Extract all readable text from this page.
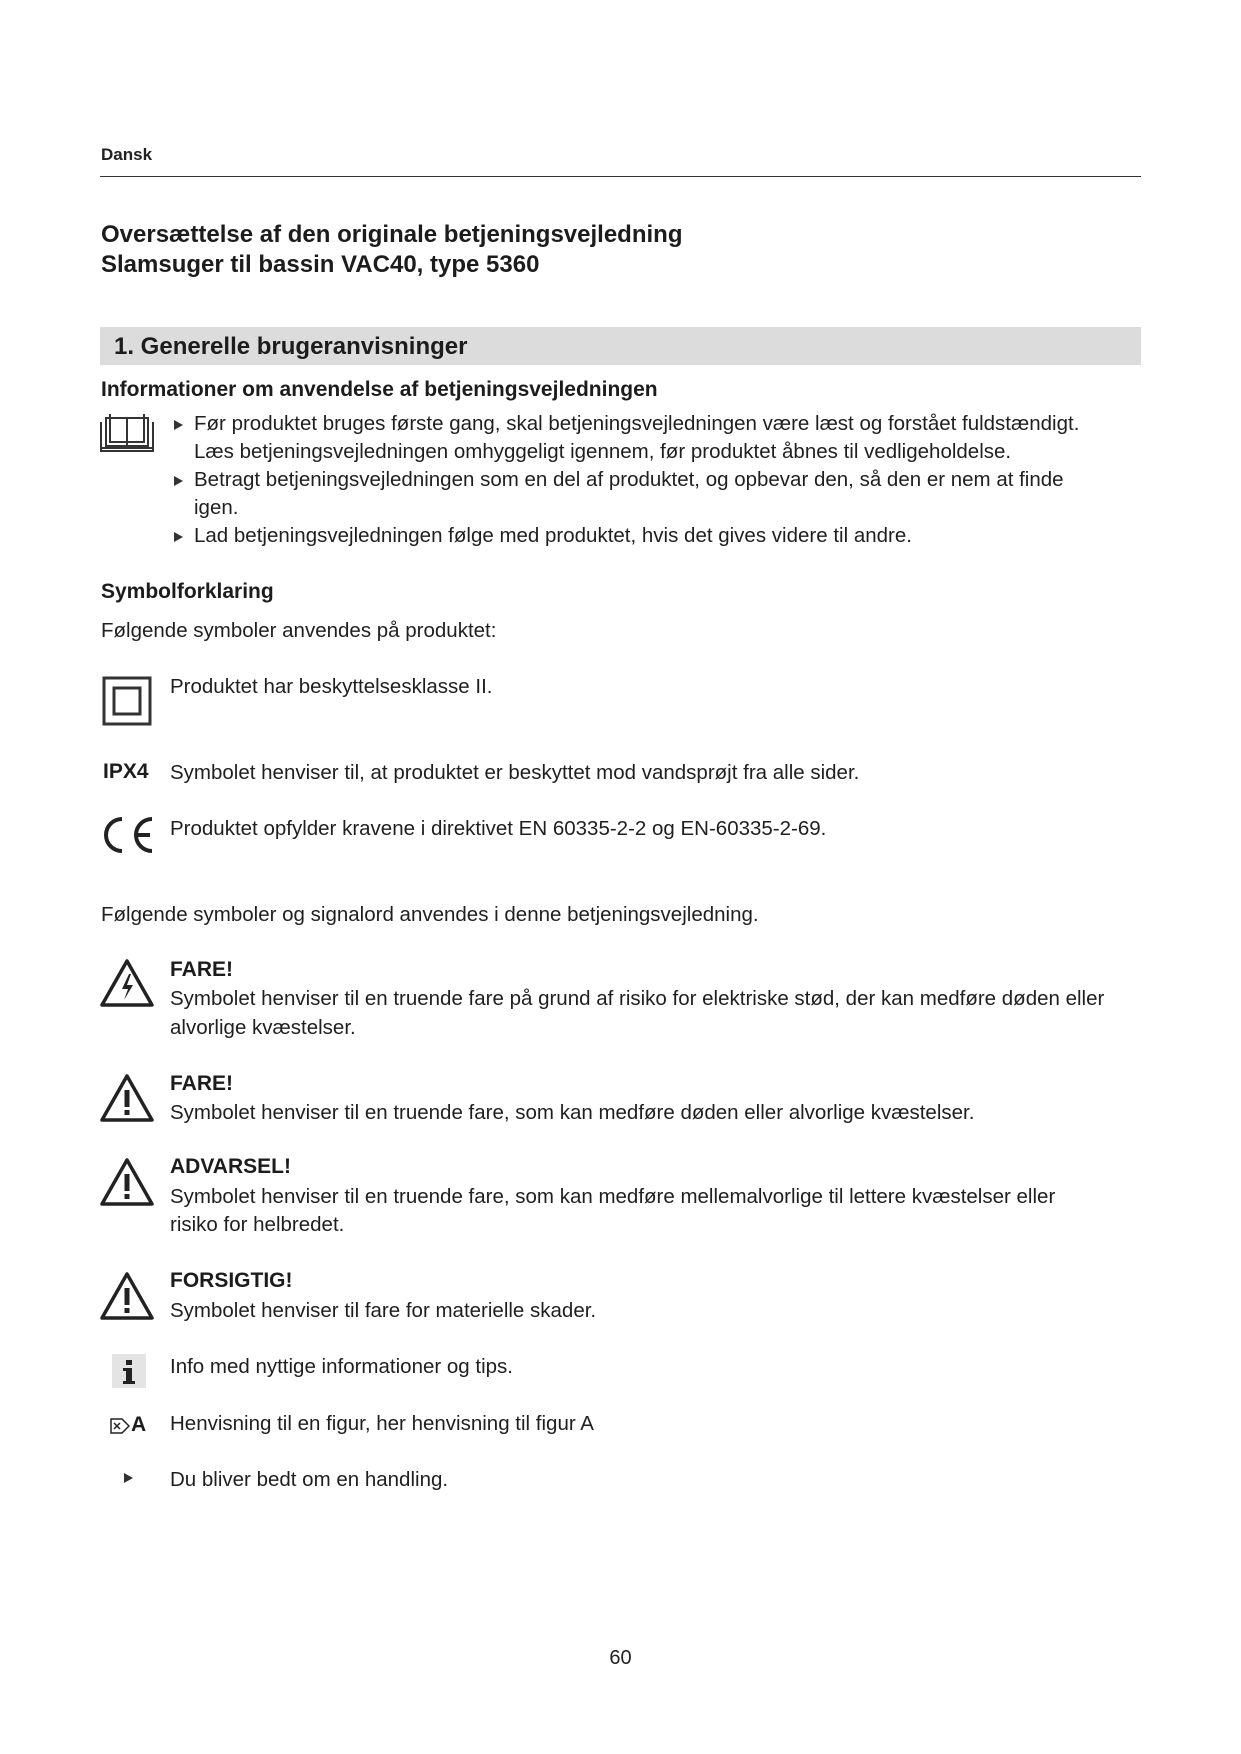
Dansk
Oversættelse af den originale betjeningsvejledning
Slamsuger til bassin VAC40, type 5360
1. Generelle brugeranvisninger
Informationer om anvendelse af betjeningsvejledningen
Før produktet bruges første gang, skal betjeningsvejledningen være læst og forstået fuldstændigt.
Læs betjeningsvejledningen omhyggeligt igennem, før produktet åbnes til vedligeholdelse.
Betragt betjeningsvejledningen som en del af produktet, og opbevar den, så den er nem at finde
igen.
Lad betjeningsvejledningen følge med produktet, hvis det gives videre til andre.
Symbolforklaring
Følgende symboler anvendes på produktet:
Produktet har beskyttelsesklasse II.
IPX4 Symbolet henviser til, at produktet er beskyttet mod vandsprøjt fra alle sider.
Produktet opfylder kravene i direktivet EN 60335-2-2 og EN-60335-2-69.
Følgende symboler og signalord anvendes i denne betjeningsvejledning.
FARE!
Symbolet henviser til en truende fare på grund af risiko for elektriske stød, der kan medføre døden eller
alvorlige kvæstelser.
FARE!
Symbolet henviser til en truende fare, som kan medføre døden eller alvorlige kvæstelser.
ADVARSEL!
Symbolet henviser til en truende fare, som kan medføre mellemalvorlige til lettere kvæstelser eller
risiko for helbredet.
FORSIGTIG!
Symbolet henviser til fare for materielle skader.
Info med nyttige informationer og tips.
A Henvisning til en figur, her henvisning til figur A
Du bliver bedt om en handling.
60
